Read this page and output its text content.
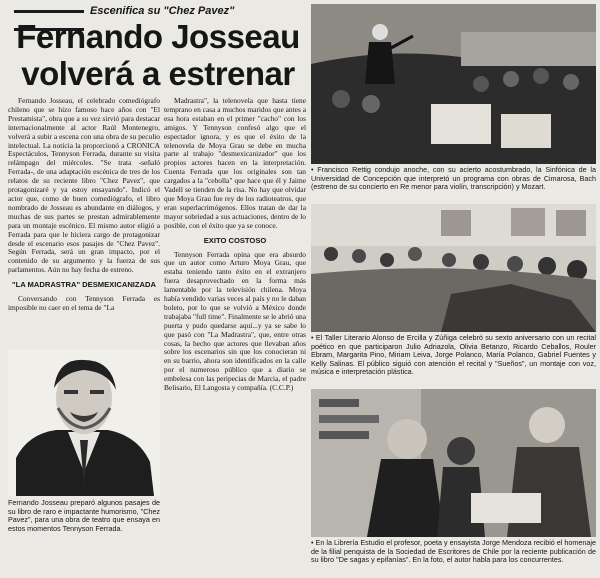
Escenifica su "Chez Pavez"
Fernando Josseau
volverá a estrenar

Fernando Josseau, el celebrado comediógrafo chileno que se hizo famoso hace años con "El Prestamista", obra que a su vez sirvió para destacar internacionalmente al actor Raúl Montenegro, volverá a subir a escena con una obra de su peculio intelectual. La noticia la proporcionó a CRONICA Espectáculos, Tennyson Ferrada, durante su visita relámpago del miércoles. "Se trata -señaló Ferrada-, de una adaptación escénica de tres de los relatos de su reciente libro "Chez Pavez", que protagonizaré y ya estoy ensayando". Indicó el actor que, como de buen comediógrafo, el libro nombrado de Josseau es abundante en diálogos, y muchas de sus partes se prestan admirablemente para un montaje escénico. El mismo autor eligió a Ferrada para que le hiciera cargo de protagonizar desde el escenario esos pasajes de "Chez Pavez". Según Ferrada, será un gran impacto, por el contenido de su argumento y la fuerza de sus parlamentos. Aún no hay fecha de estreno.

"LA MADRASTRA" DESMEXICANIZADA

Conversando con Tennyson Ferrada es imposible no caer en el tema de "La

Fernando Josseau preparó algunos pasajes de su libro de raro e impactante humorismo, "Chez Pavez", para una obra de teatro que ensaya en estos momentos Tennyson Ferrada.

Madrastra", la telenovela que hasta tiene temprano en casa a muchos maridos que antes a esa hora estaban en el primer "cacho" con los amigos. Y Tennyson confesó algo que el espectador ignora, y es que el éxito de la telenovela de Moya Grau se debe en mucha parte al trabajo "desmexicanizador" que los propios actores hacen en la interpretación. Cuenta Ferrada que los originales son tan cargados a la "cebolla" que hace que él y Jaime Vadell se tienden de la risa. No hay que olvidar que Moya Grau fue rey de los radioteatros, que eran superlacrimógenos. Ellos tratan de dar la mayor sobriedad a sus actuaciones, dentro de lo posible, con el éxito que ya se conoce.

EXITO COSTOSO

Tennyson Ferrada opina que era absurdo que un autor como Arturo Moya Grau, que estaba teniendo tanto éxito en el extranjero fuera desaprovechado en la forma más lamentable por la televisión chilena. Moya había vendido varias veces al país y no le daban boleto, por lo que se volvió a México donde trabajaba "full time". Finalmente se le abrió una puerta y pudo quedarse aquí...y ya se sabe lo que pasó con "La Madrastra", que, entre otras cosas, la hecho que actores que llevaban años sobre los escenarios sin que los conocieran ni en su barrio, ahora son identificados en la calle por el numeroso público que a diario se embelesa con las peripecias de Marcia, el padre Belisario, El Langosta y compañía. (C.C.P.)

• Francisco Rettig condujo anoche, con su acierto acostumbrado, la Sinfónica de la Universidad de Concepción que interpretó un programa con obras de Cimarosa, Bach (estreno de su concierto en Re menor para violín, transcripción) y Mozart.
• El Taller Literario Alonso de Ercilla y Zúñiga celebró su sexto aniversario con un recital poético en que participaron Julio Adriazola, Olivia Betanzo, Ricardo Ceballos, Rouler Ebram, Margarita Pino, Miriam Leiva, Jorge Polanco, María Polanco, Gabriel Fuentes y Kelly Salinas. El público siguió con atención el recital y "Sueños", un montaje con voz, música e interpretación plástica.
• En la Librería Estudio el profesor, poeta y ensayista Jorge Mendoza recibió el homenaje de la filial penquista de la Sociedad de Escritores de Chile por la reciente publicación de su libro "De sagas y epifanías". En la foto, el autor habla para los concurrentes.
